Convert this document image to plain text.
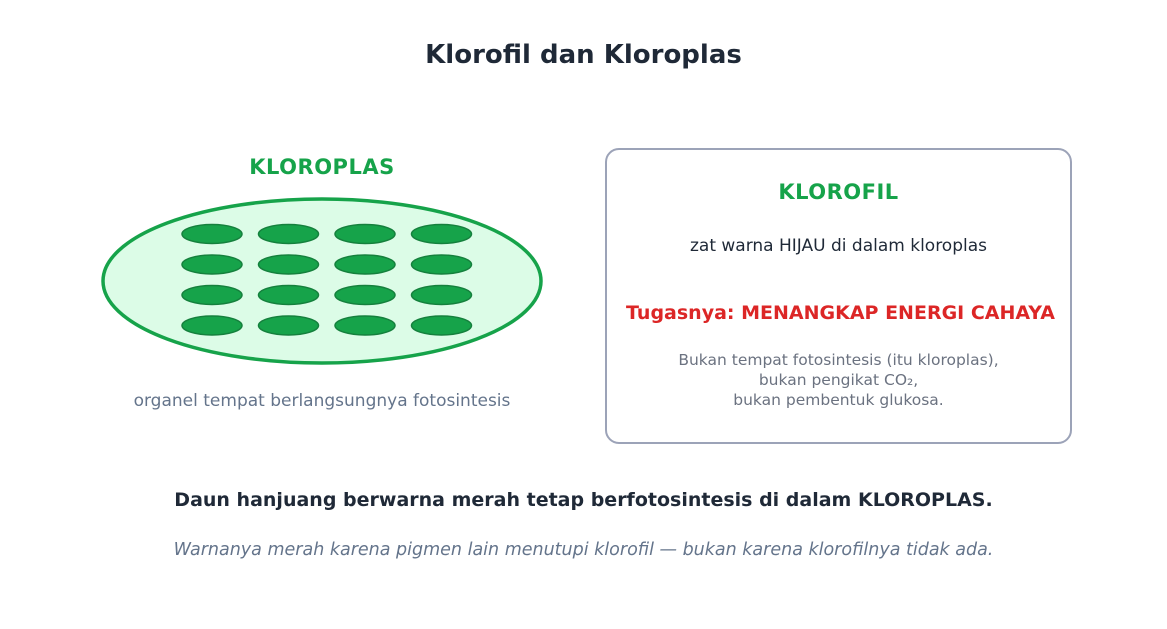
Klorofil dan Kloroplas
KLOROPLAS
organel tempat berlangsungnya fotosintesis
KLOROFIL
zat warna HIJAU di dalam kloroplas
Tugasnya: MENANGKAP ENERGI CAHAYA
Bukan tempat fotosintesis (itu kloroplas),
bukan pengikat CO₂,
bukan pembentuk glukosa.
Daun hanjuang berwarna merah tetap berfotosintesis di dalam KLOROPLAS.
Warnanya merah karena pigmen lain menutupi klorofil — bukan karena klorofilnya tidak ada.
